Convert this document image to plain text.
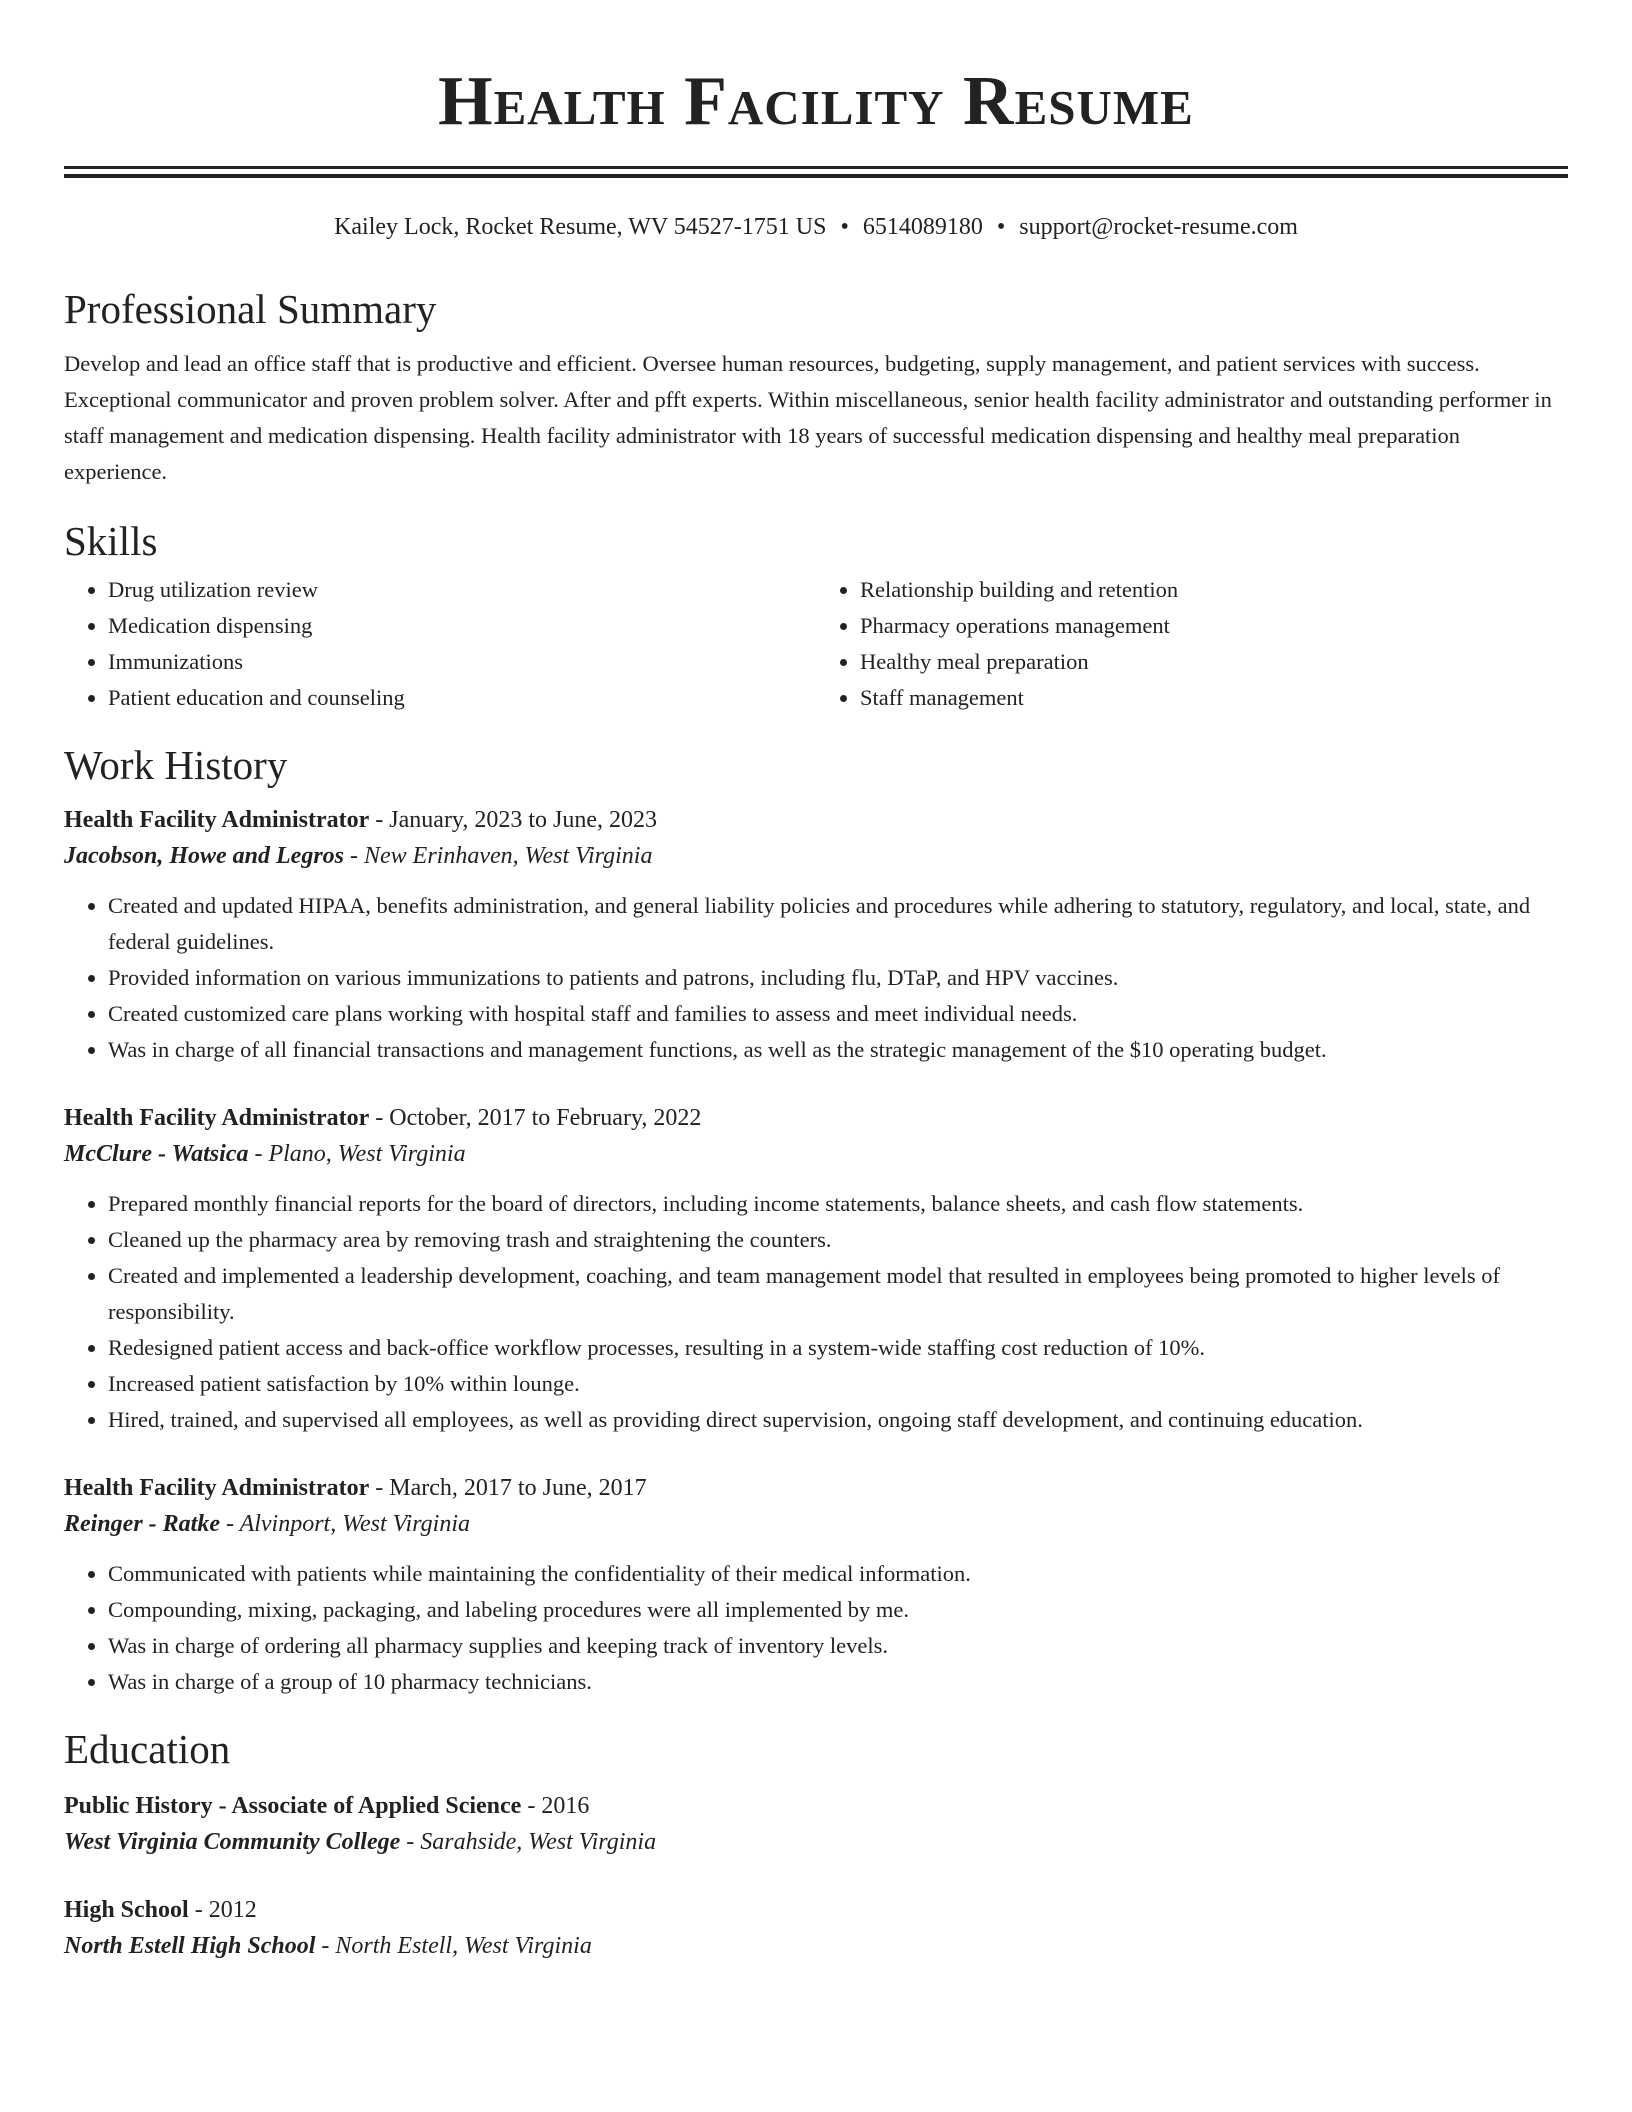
Health Facility Resume
Kailey Lock, Rocket Resume, WV 54527-1751 US • 6514089180 • support@rocket-resume.com
Professional Summary

Develop and lead an office staff that is productive and efficient. Oversee human resources, budgeting, supply management, and patient services with success. Exceptional communicator and proven problem solver. After and pfft experts. Within miscellaneous, senior health facility administrator and outstanding performer in staff management and medication dispensing. Health facility administrator with 18 years of successful medication dispensing and healthy meal preparation experience.

Skills
• Drug utilization review
• Medication dispensing
• Immunizations
• Patient education and counseling
• Relationship building and retention
• Pharmacy operations management
• Healthy meal preparation
• Staff management
Work History
Health Facility Administrator - January, 2023 to June, 2023
Jacobson, Howe and Legros - New Erinhaven, West Virginia
• Created and updated HIPAA, benefits administration, and general liability policies and procedures while adhering to statutory, regulatory, and local, state, and federal guidelines.
• Provided information on various immunizations to patients and patrons, including flu, DTaP, and HPV vaccines.
• Created customized care plans working with hospital staff and families to assess and meet individual needs.
• Was in charge of all financial transactions and management functions, as well as the strategic management of the $10 operating budget.
Health Facility Administrator - October, 2017 to February, 2022
McClure - Watsica - Plano, West Virginia
• Prepared monthly financial reports for the board of directors, including income statements, balance sheets, and cash flow statements.
• Cleaned up the pharmacy area by removing trash and straightening the counters.
• Created and implemented a leadership development, coaching, and team management model that resulted in employees being promoted to higher levels of responsibility.
• Redesigned patient access and back-office workflow processes, resulting in a system-wide staffing cost reduction of 10%.
• Increased patient satisfaction by 10% within lounge.
• Hired, trained, and supervised all employees, as well as providing direct supervision, ongoing staff development, and continuing education.
Health Facility Administrator - March, 2017 to June, 2017
Reinger - Ratke - Alvinport, West Virginia
• Communicated with patients while maintaining the confidentiality of their medical information.
• Compounding, mixing, packaging, and labeling procedures were all implemented by me.
• Was in charge of ordering all pharmacy supplies and keeping track of inventory levels.
• Was in charge of a group of 10 pharmacy technicians.
Education
Public History - Associate of Applied Science - 2016
West Virginia Community College - Sarahside, West Virginia
High School - 2012
North Estell High School - North Estell, West Virginia
